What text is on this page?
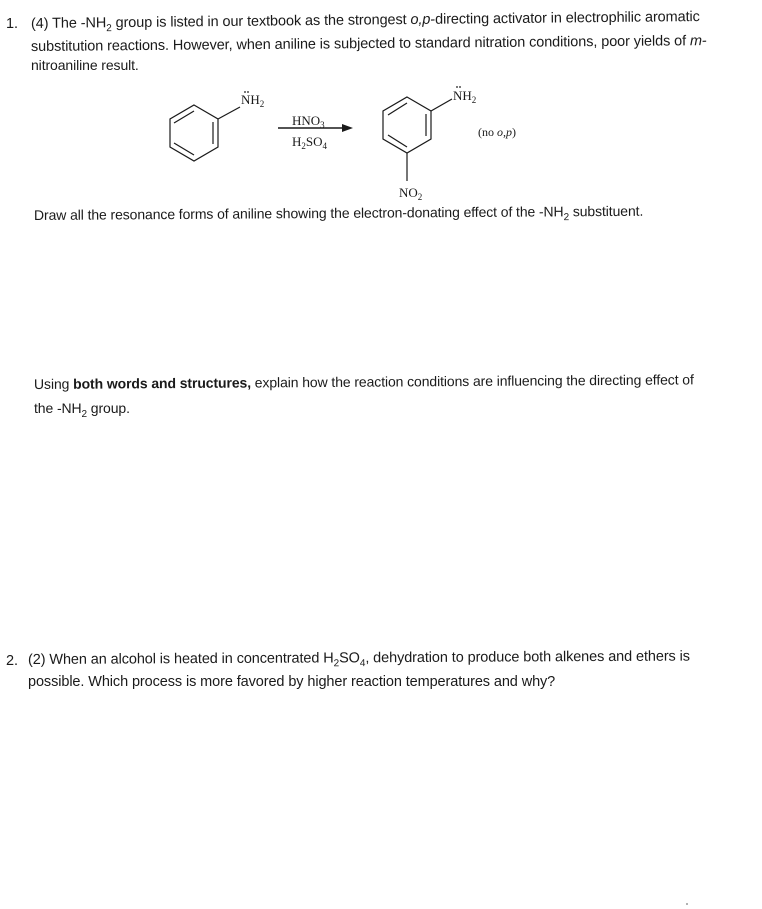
1. (4) The $-NH_2$ group is listed in our textbook as the strongest o,p-directing activator in electrophilic aromatic
substitution reactions. However, when aniline is subjected to standard nitration conditions, poor yields of m-
nitroaniline result.
$NH_2$
$HNO_3$
$H_2SO_4$
$NH_2$
$NO_2$
(no o,p)
Draw all the resonance forms of aniline showing the electron-donating effect of the $-NH_2$ substituent.
Using both words and structures, explain how the reaction conditions are influencing the directing effect of
the $-NH_2$ group.
2. (2) When an alcohol is heated in concentrated $H_2SO_4$, dehydration to produce both alkenes and ethers is
possible. Which process is more favored by higher reaction temperatures and why?
